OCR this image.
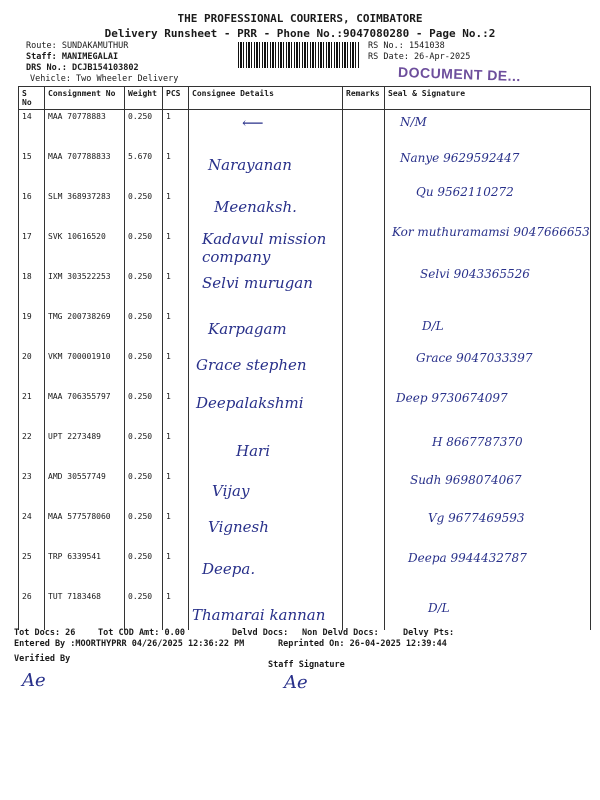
THE PROFESSIONAL COURIERS, COIMBATORE
Delivery Runsheet - PRR - Phone No.:9047080280 - Page No.:2
Route: SUNDAKAMUTHUR
Staff: MANIMEGALAI
DRS No.: DCJB154103802
Vehicle: Two Wheeler Delivery
RS No.: 1541038
RS Date: 26-Apr-2025
DOCUMENT DE...
S No	Consignment No	Weight	PCS	Consignee Details	Remarks	Seal & Signature
14	MAA 70778883	0.250	1	⟵		N/M
15	MAA 707788833	5.670	1	Narayanan		Nanye 9629592447
16	SLM 368937283	0.250	1	Meenaksh.		Qu 9562110272
17	SVK 10616520	0.250	1	Kadavul mission company		Kor muthuramamsi 9047666653
18	IXM 303522253	0.250	1	Selvi murugan		Selvi 9043365526
19	TMG 200738269	0.250	1	Karpagam		D/L
20	VKM 700001910	0.250	1	Grace stephen		Grace 9047033397
21	MAA 706355797	0.250	1	Deepalakshmi		Deep 9730674097
22	UPT 2273489	0.250	1	Hari		H 8667787370
23	AMD 30557749	0.250	1	Vijay		Sudh 9698074067
24	MAA 577578060	0.250	1	Vignesh		Vg 9677469593
25	TRP 6339541	0.250	1	Deepa.		Deepa 9944432787
26	TUT 7183468	0.250	1	Thamarai kannan		D/L
Tot Docs: 26	Tot COD Amt: 0.00	Delvd Docs: Non Delvd Docs:	Delvy Pts:
Entered By :MOORTHYPRR 04/26/2025 12:36:22 PM	Reprinted On: 26-04-2025 12:39:44
Verified By
Staff Signature
Ae	Ae
